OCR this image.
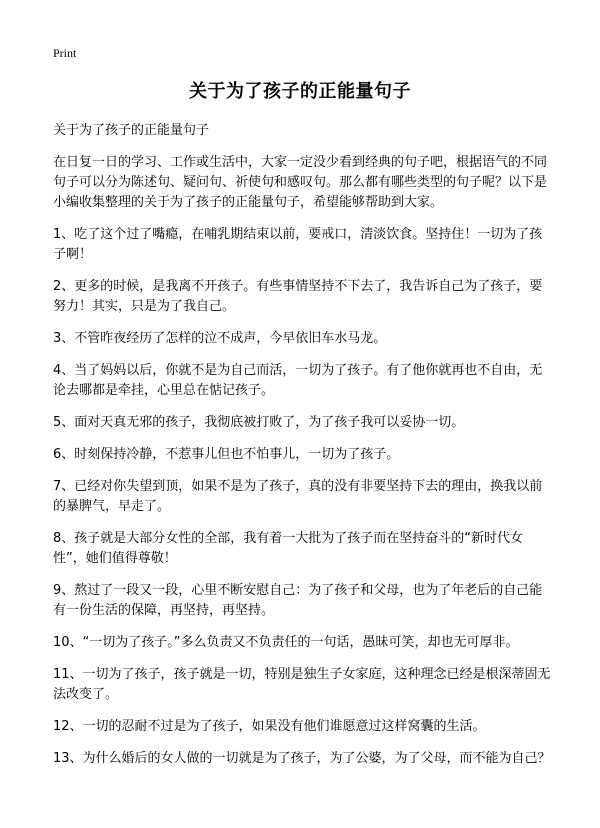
Print
关于为了孩子的正能量句子
关于为了孩子的正能量句子
在日复一日的学习、工作或生活中，大家一定没少看到经典的句子吧，根据语气的不同句子可以分为陈述句、疑问句、祈使句和感叹句。那么都有哪些类型的句子呢？以下是小编收集整理的关于为了孩子的正能量句子，希望能够帮助到大家。
1、吃了这个过了嘴瘾，在哺乳期结束以前，要戒口，清淡饮食。坚持住！一切为了孩子啊！
2、更多的时候，是我离不开孩子。有些事情坚持不下去了，我告诉自己为了孩子，要努力！其实，只是为了我自己。
3、不管昨夜经历了怎样的泣不成声，今早依旧车水马龙。
4、当了妈妈以后，你就不是为自己而活，一切为了孩子。有了他你就再也不自由，无论去哪都是牵挂，心里总在惦记孩子。
5、面对天真无邪的孩子，我彻底被打败了，为了孩子我可以妥协一切。
6、时刻保持冷静，不惹事儿但也不怕事儿，一切为了孩子。
7、已经对你失望到顶，如果不是为了孩子，真的没有非要坚持下去的理由，换我以前的暴脾气，早走了。
8、孩子就是大部分女性的全部，我有着一大批为了孩子而在坚持奋斗的“新时代女性”，她们值得尊敬！
9、熬过了一段又一段，心里不断安慰自己：为了孩子和父母，也为了年老后的自己能有一份生活的保障，再坚持，再坚持。
10、“一切为了孩子。”多么负责又不负责任的一句话，愚昧可笑，却也无可厚非。
11、一切为了孩子，孩子就是一切，特别是独生子女家庭，这种理念已经是根深蒂固无法改变了。
12、一切的忍耐不过是为了孩子，如果没有他们谁愿意过这样窝囊的生活。
13、为什么婚后的女人做的一切就是为了孩子，为了公婆，为了父母，而不能为自己？
